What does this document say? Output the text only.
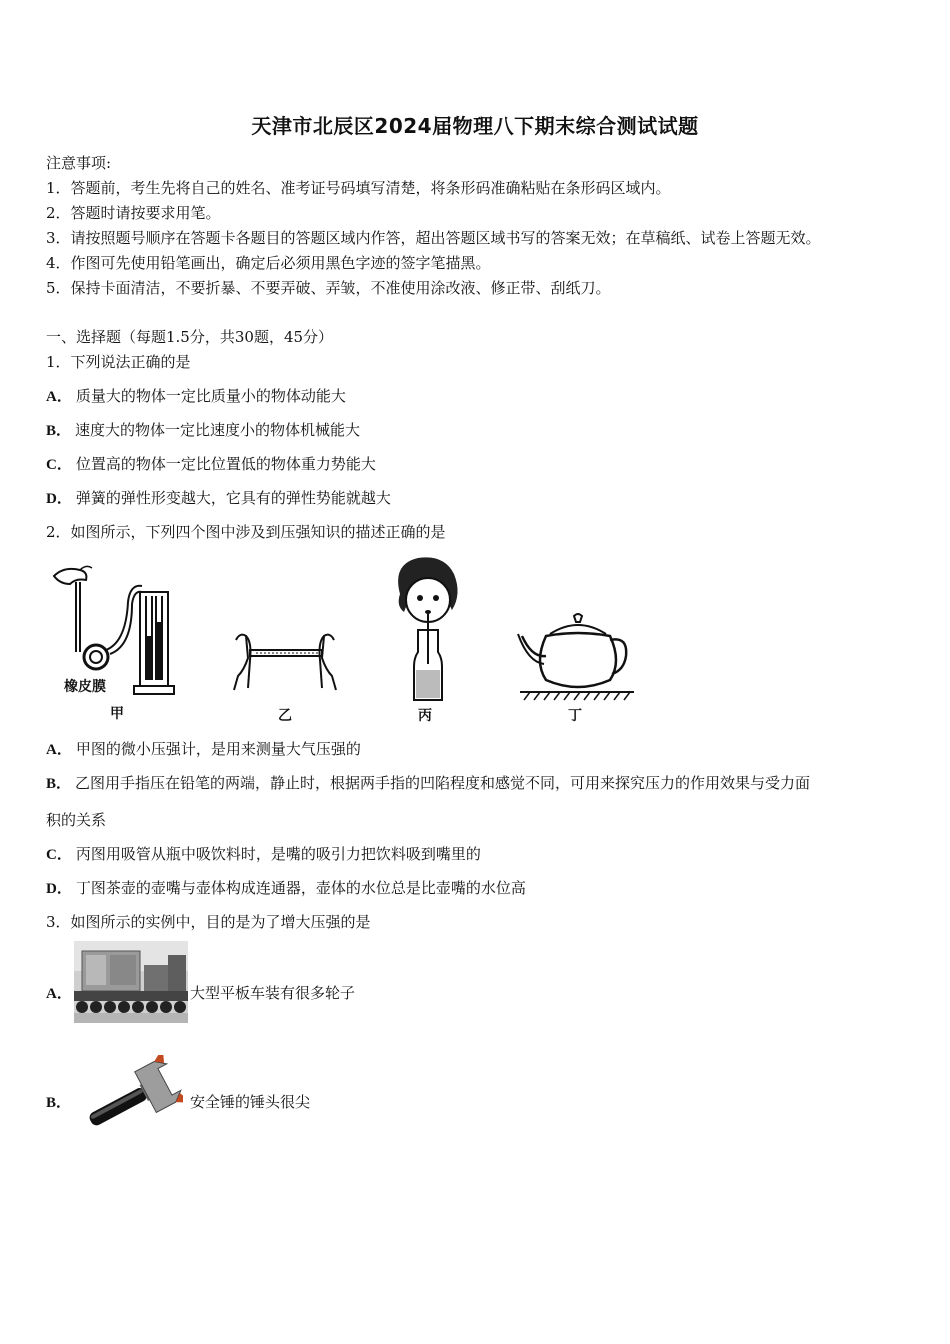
天津市北辰区2024届物理八下期末综合测试试题
注意事项:
1．答题前，考生先将自己的姓名、准考证号码填写清楚，将条形码准确粘贴在条形码区域内。
2．答题时请按要求用笔。
3．请按照题号顺序在答题卡各题目的答题区域内作答，超出答题区域书写的答案无效；在草稿纸、试卷上答题无效。
4．作图可先使用铅笔画出，确定后必须用黑色字迹的签字笔描黑。
5．保持卡面清洁，不要折暴、不要弄破、弄皱，不准使用涂改液、修正带、刮纸刀。
一、选择题（每题1.5分，共30题，45分）
1．下列说法正确的是
A． 质量大的物体一定比质量小的物体动能大
B． 速度大的物体一定比速度小的物体机械能大
C． 位置高的物体一定比位置低的物体重力势能大
D． 弹簧的弹性形变越大，它具有的弹性势能就越大
2．如图所示，下列四个图中涉及到压强知识的描述正确的是
橡皮膜
甲	乙	丙	丁
A． 甲图的微小压强计，是用来测量大气压强的
B． 乙图用手指压在铅笔的两端，静止时，根据两手指的凹陷程度和感觉不同，可用来探究压力的作用效果与受力面
积的关系
C． 丙图用吸管从瓶中吸饮料时，是嘴的吸引力把饮料吸到嘴里的
D． 丁图茶壶的壶嘴与壶体构成连通器，壶体的水位总是比壶嘴的水位高
3．如图所示的实例中，目的是为了增大压强的是
A．	大型平板车装有很多轮子
B．	安全锤的锤头很尖
